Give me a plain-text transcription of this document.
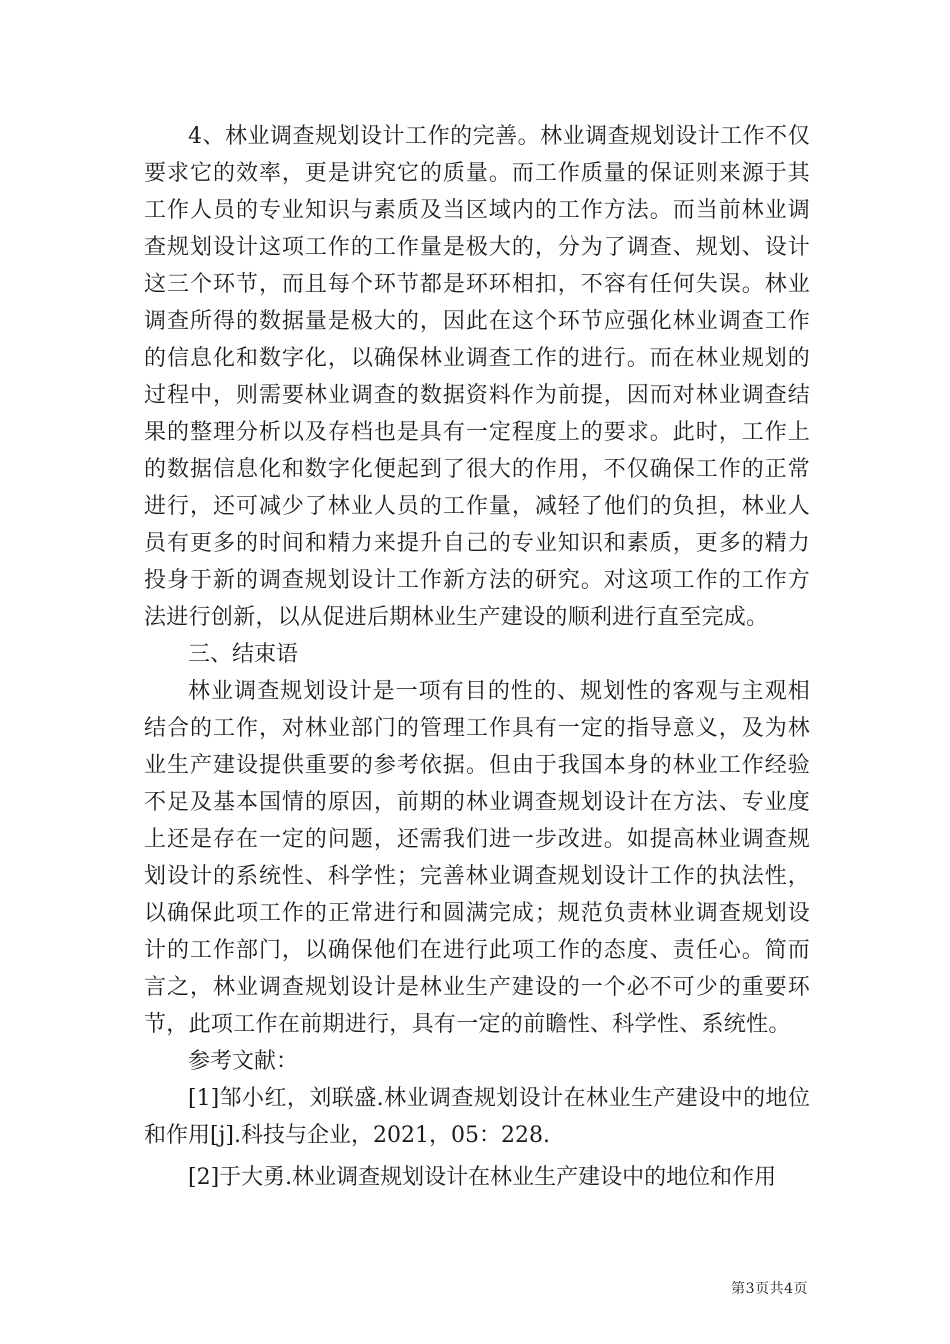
4、林业调查规划设计工作的完善。林业调查规划设计工作不仅要求它的效率，更是讲究它的质量。而工作质量的保证则来源于其工作人员的专业知识与素质及当区域内的工作方法。而当前林业调查规划设计这项工作的工作量是极大的，分为了调查、规划、设计这三个环节，而且每个环节都是环环相扣，不容有任何失误。林业调查所得的数据量是极大的，因此在这个环节应强化林业调查工作的信息化和数字化，以确保林业调查工作的进行。而在林业规划的过程中，则需要林业调查的数据资料作为前提，因而对林业调查结果的整理分析以及存档也是具有一定程度上的要求。此时，工作上的数据信息化和数字化便起到了很大的作用，不仅确保工作的正常进行，还可减少了林业人员的工作量，减轻了他们的负担，林业人员有更多的时间和精力来提升自己的专业知识和素质，更多的精力投身于新的调查规划设计工作新方法的研究。对这项工作的工作方法进行创新，以从促进后期林业生产建设的顺利进行直至完成。

三、结束语

林业调查规划设计是一项有目的性的、规划性的客观与主观相结合的工作，对林业部门的管理工作具有一定的指导意义，及为林业生产建设提供重要的参考依据。但由于我国本身的林业工作经验不足及基本国情的原因，前期的林业调查规划设计在方法、专业度上还是存在一定的问题，还需我们进一步改进。如提高林业调查规划设计的系统性、科学性；完善林业调查规划设计工作的执法性，以确保此项工作的正常进行和圆满完成；规范负责林业调查规划设计的工作部门，以确保他们在进行此项工作的态度、责任心。简而言之，林业调查规划设计是林业生产建设的一个必不可少的重要环节，此项工作在前期进行，具有一定的前瞻性、科学性、系统性。

参考文献：

[1]邹小红，刘联盛.林业调查规划设计在林业生产建设中的地位和作用[j].科技与企业，2021，05：228.

[2]于大勇.林业调查规划设计在林业生产建设中的地位和作用

第3页共4页
